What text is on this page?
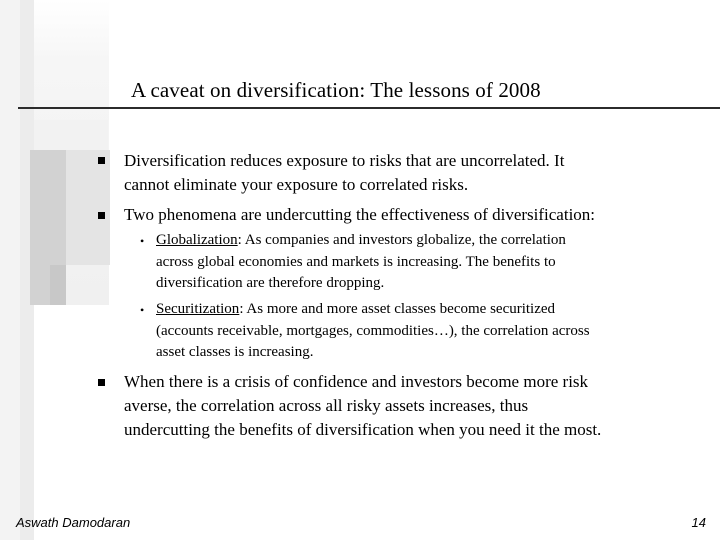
A caveat on diversification: The lessons of 2008
Diversification reduces exposure to risks that are uncorrelated. It
cannot eliminate your exposure to correlated risks.
Two phenomena are undercutting the effectiveness of diversification:
• Globalization: As companies and investors globalize, the correlation
across global economies and markets is increasing. The benefits to
diversification are therefore dropping.
• Securitization: As more and more asset classes become securitized
(accounts receivable, mortgages, commodities…), the correlation across
asset classes is increasing.
When there is a crisis of confidence and investors become more risk
averse, the correlation across all risky assets increases, thus
undercutting the benefits of diversification when you need it the most.
Aswath Damodaran	14
